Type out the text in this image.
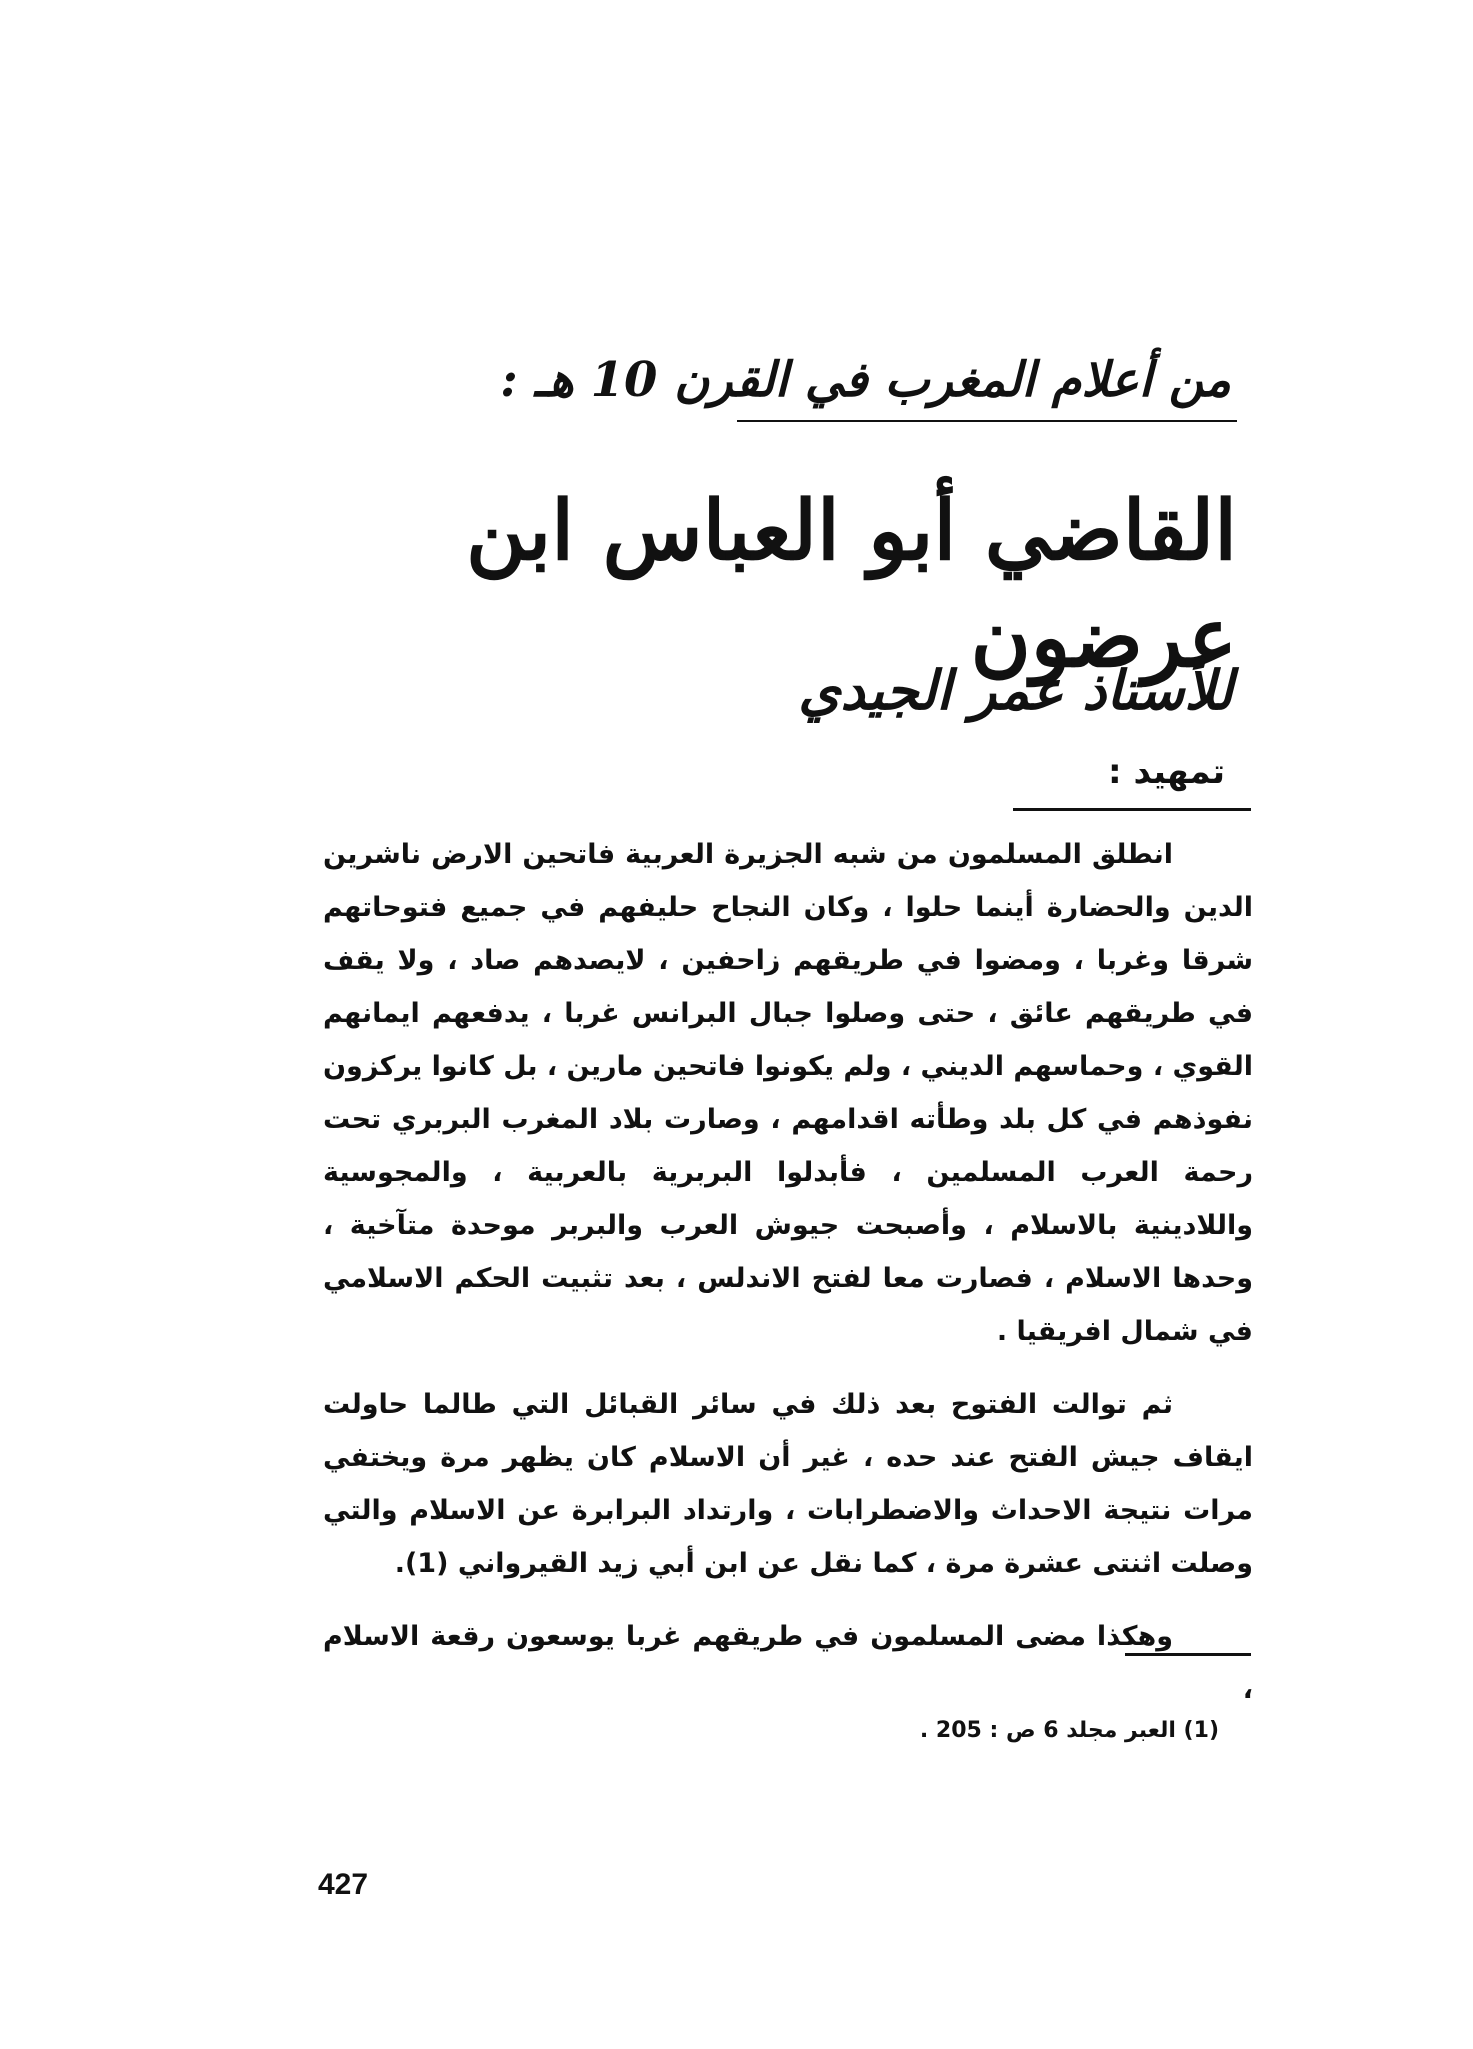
من أعلام المغرب في القرن 10 هـ :
القاضي أبو العباس ابن عرضون
للأستاذ عمر الجيدي
تمهيد :

انطلق المسلمون من شبه الجزيرة العربية فاتحين الارض ناشرين الدين والحضارة أينما حلوا ، وكان النجاح حليفهم في جميع فتوحاتهم شرقا وغربا ، ومضوا في طريقهم زاحفين ، لايصدهم صاد ، ولا يقف في طريقهم عائق ، حتى وصلوا جبال البرانس غربا ، يدفعهم ايمانهم القوي ، وحماسهم الديني ، ولم يكونوا فاتحين مارين ، بل كانوا يركزون نفوذهم في كل بلد وطأته اقدامهم ، وصارت بلاد المغرب البربري تحت رحمة العرب المسلمين ، فأبدلوا البربرية بالعربية ، والمجوسية واللادينية بالاسلام ، وأصبحت جيوش العرب والبربر موحدة متآخية ، وحدها الاسلام ، فصارت معا لفتح الاندلس ، بعد تثبيت الحكم الاسلامي في شمال افريقيا .

ثم توالت الفتوح بعد ذلك في سائر القبائل التي طالما حاولت ايقاف جيش الفتح عند حده ، غير أن الاسلام كان يظهر مرة ويختفي مرات نتيجة الاحداث والاضطرابات ، وارتداد البرابرة عن الاسلام والتي وصلت اثنتى عشرة مرة ، كما نقل عن ابن أبي زيد القيرواني (1).

وهكذا مضى المسلمون في طريقهم غربا يوسعون رقعة الاسلام ،

(1) العبر مجلد 6 ص : 205 .
427
